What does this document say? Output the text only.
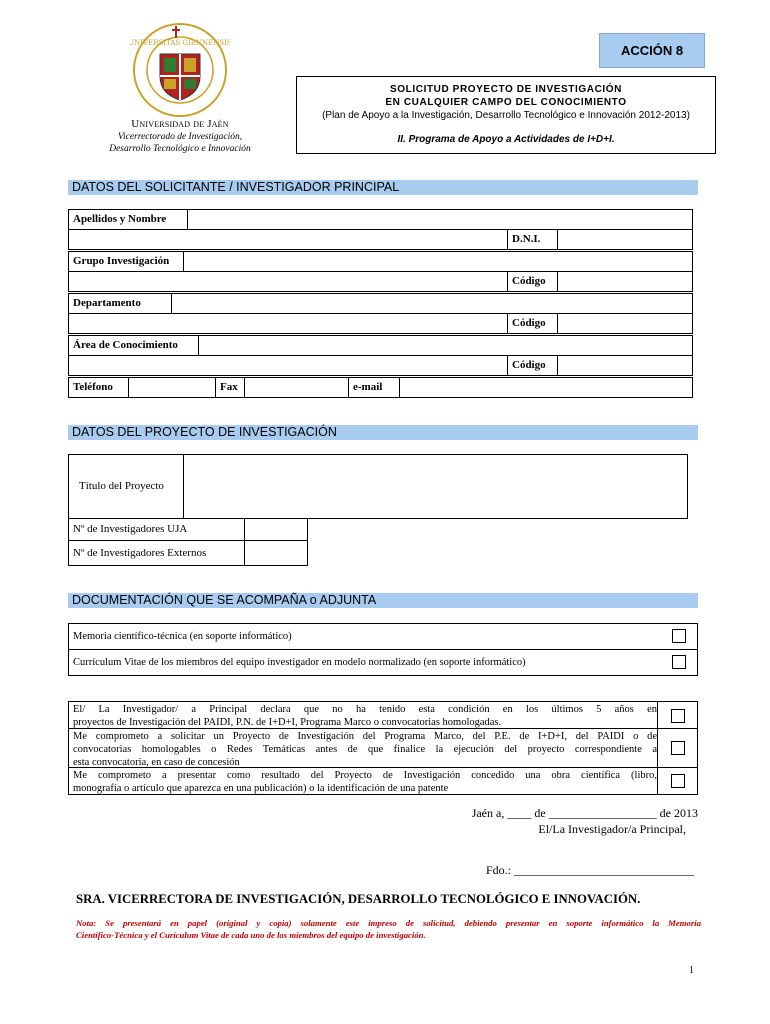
UNIVERSITAS GIENNENSIS
Universidad de Jaén
Vicerrectorado de Investigación,
Desarrollo Tecnológico e Innovación
ACCIÓN 8
SOLICITUD PROYECTO DE INVESTIGACIÓN
EN CUALQUIER CAMPO DEL CONOCIMIENTO
(Plan de Apoyo a la Investigación, Desarrollo Tecnológico e Innovación 2012-2013)
II. Programa de Apoyo a Actividades de I+D+I.
DATOS DEL SOLICITANTE / INVESTIGADOR PRINCIPAL
Apellidos y Nombre
D.N.I.
Grupo Investigación
Código
Departamento
Código
Área de Conocimiento
Código
Teléfono	Fax	e-mail
DATOS DEL PROYECTO DE INVESTIGACIÓN
Título del Proyecto
Nº de Investigadores UJA
Nº de Investigadores Externos
DOCUMENTACIÓN QUE SE ACOMPAÑA o ADJUNTA
Memoria científico-técnica (en soporte informático)
Currículum Vitae de los miembros del equipo investigador en modelo normalizado (en soporte informático)
El/ La Investigador/ a Principal declara que no ha tenido esta condición en los últimos 5 años en
proyectos de Investigación del PAIDI, P.N. de I+D+I, Programa Marco o convocatorias homologadas.
Me comprometo a solicitar un Proyecto de Investigación del Programa Marco, del P.E. de I+D+I, del PAIDI o de
convocatorias homologables o Redes Temáticas antes de que finalice la ejecución del proyecto correspondiente a
esta convocatoria, en caso de concesión
Me comprometo a presentar como resultado del Proyecto de Investigación concedido una obra científica (libro,
monografía o artículo que aparezca en una publicación) o la identificación de una patente
Jaén a, ____ de __________________ de 2013
El/La Investigador/a Principal,
Fdo.: ______________________________
SRA. VICERRECTORA DE INVESTIGACIÓN, DESARROLLO TECNOLÓGICO E INNOVACIÓN.
Nota: Se presentará en papel (original y copia) solamente este impreso de solicitud, debiendo presentar en soporte informático la Memoria
Científico-Técnica y el Curículum Vitae de cada uno de los miembros del equipo de investigación.
1
